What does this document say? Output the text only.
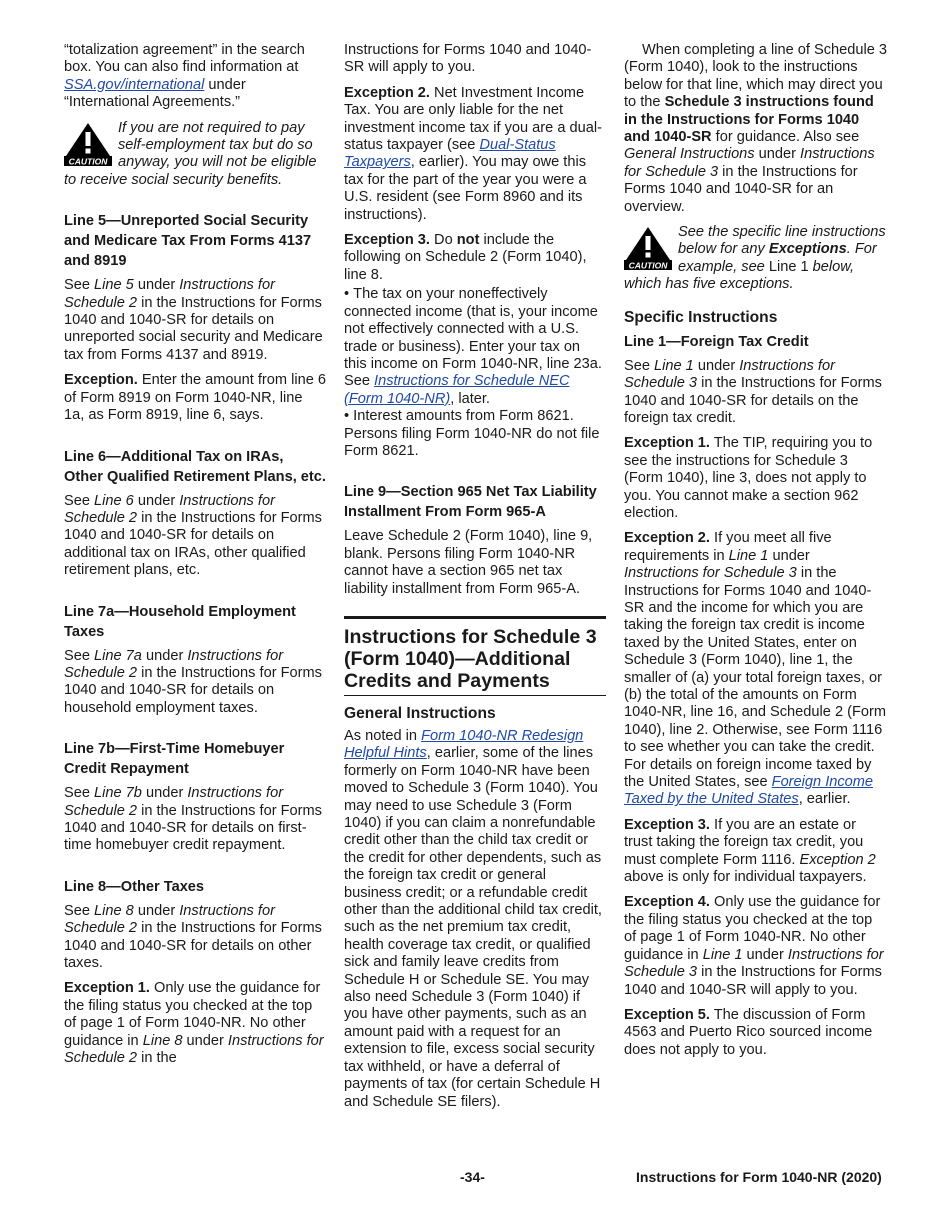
“totalization agreement” in the search box. You can also find information at SSA.gov/international under “International Agreements.”

CAUTION
If you are not required to pay self-employment tax but do so anyway, you will not be eligible to receive social security benefits.
Line 5—Unreported Social Security and Medicare Tax From Forms 4137 and 8919

See Line 5 under Instructions for Schedule 2 in the Instructions for Forms 1040 and 1040-SR for details on unreported social security and Medicare tax from Forms 4137 and 8919.

Exception. Enter the amount from line 6 of Form 8919 on Form 1040-NR, line 1a, as Form 8919, line 6, says.

Line 6—Additional Tax on IRAs, Other Qualified Retirement Plans, etc.

See Line 6 under Instructions for Schedule 2 in the Instructions for Forms 1040 and 1040-SR for details on additional tax on IRAs, other qualified retirement plans, etc.

Line 7a—Household Employment Taxes

See Line 7a under Instructions for Schedule 2 in the Instructions for Forms 1040 and 1040-SR for details on household employment taxes.

Line 7b—First-Time Homebuyer Credit Repayment

See Line 7b under Instructions for Schedule 2 in the Instructions for Forms 1040 and 1040-SR for details on first-time homebuyer credit repayment.

Line 8—Other Taxes

See Line 8 under Instructions for Schedule 2 in the Instructions for Forms 1040 and 1040-SR for details on other taxes.

Exception 1. Only use the guidance for the filing status you checked at the top of page 1 of Form 1040-NR. No other guidance in Line 8 under Instructions for Schedule 2 in the

Instructions for Forms 1040 and 1040-SR will apply to you.

Exception 2. Net Investment Income Tax. You are only liable for the net investment income tax if you are a dual-status taxpayer (see Dual-Status Taxpayers, earlier). You may owe this tax for the part of the year you were a U.S. resident (see Form 8960 and its instructions).

Exception 3. Do not include the following on Schedule 2 (Form 1040), line 8.

• The tax on your noneffectively connected income (that is, your income not effectively connected with a U.S. trade or business). Enter your tax on this income on Form 1040-NR, line 23a. See Instructions for Schedule NEC (Form 1040-NR), later.

• Interest amounts from Form 8621. Persons filing Form 1040-NR do not file Form 8621.

Line 9—Section 965 Net Tax Liability Installment From Form 965-A

Leave Schedule 2 (Form 1040), line 9, blank. Persons filing Form 1040-NR cannot have a section 965 net tax liability installment from Form 965-A.

Instructions for Schedule 3 (Form 1040)—Additional Credits and Payments
General Instructions

As noted in Form 1040-NR Redesign Helpful Hints, earlier, some of the lines formerly on Form 1040-NR have been moved to Schedule 3 (Form 1040). You may need to use Schedule 3 (Form 1040) if you can claim a nonrefundable credit other than the child tax credit or the credit for other dependents, such as the foreign tax credit or general business credit; or a refundable credit other than the additional child tax credit, such as the net premium tax credit, health coverage tax credit, or qualified sick and family leave credits from Schedule H or Schedule SE. You may also need Schedule 3 (Form 1040) if you have other payments, such as an amount paid with a request for an extension to file, excess social security tax withheld, or have a deferral of payments of tax (for certain Schedule H and Schedule SE filers).

When completing a line of Schedule 3 (Form 1040), look to the instructions below for that line, which may direct you to the Schedule 3 instructions found in the Instructions for Forms 1040 and 1040-SR for guidance. Also see General Instructions under Instructions for Schedule 3 in the Instructions for Forms 1040 and 1040-SR for an overview.

CAUTION
See the specific line instructions below for any Exceptions. For example, see Line 1 below, which has five exceptions.
Specific Instructions
Line 1—Foreign Tax Credit

See Line 1 under Instructions for Schedule 3 in the Instructions for Forms 1040 and 1040-SR for details on the foreign tax credit.

Exception 1. The TIP, requiring you to see the instructions for Schedule 3 (Form 1040), line 3, does not apply to you. You cannot make a section 962 election.

Exception 2. If you meet all five requirements in Line 1 under Instructions for Schedule 3 in the Instructions for Forms 1040 and 1040-SR and the income for which you are taking the foreign tax credit is income taxed by the United States, enter on Schedule 3 (Form 1040), line 1, the smaller of (a) your total foreign taxes, or (b) the total of the amounts on Form 1040-NR, line 16, and Schedule 2 (Form 1040), line 2. Otherwise, see Form 1116 to see whether you can take the credit. For details on foreign income taxed by the United States, see Foreign Income Taxed by the United States, earlier.

Exception 3. If you are an estate or trust taking the foreign tax credit, you must complete Form 1116. Exception 2 above is only for individual taxpayers.

Exception 4. Only use the guidance for the filing status you checked at the top of page 1 of Form 1040-NR. No other guidance in Line 1 under Instructions for Schedule 3 in the Instructions for Forms 1040 and 1040-SR will apply to you.

Exception 5. The discussion of Form 4563 and Puerto Rico sourced income does not apply to you.

-34-	Instructions for Form 1040-NR (2020)
